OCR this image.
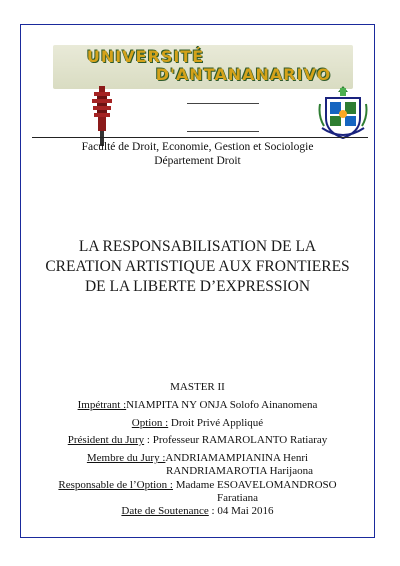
UNIVERSITÉ
D'ANTANANARIVO
Faculté de Droit, Economie, Gestion et Sociologie
Département Droit
LA RESPONSABILISATION DE LA
CREATION ARTISTIQUE AUX FRONTIERES
DE LA LIBERTE D’EXPRESSION
MASTER II
Impétrant :NIAMPITA NY ONJA Solofo Ainanomena
Option : Droit Privé Appliqué
Président du Jury : Professeur RAMAROLANTO Ratiaray
Membre du Jury :ANDRIAMAMPIANINA Henri
RANDRIAMAROTIA Harijaona
Responsable de l’Option : Madame ESOAVELOMANDROSO
Faratiana
Date de Soutenance : 04 Mai 2016
